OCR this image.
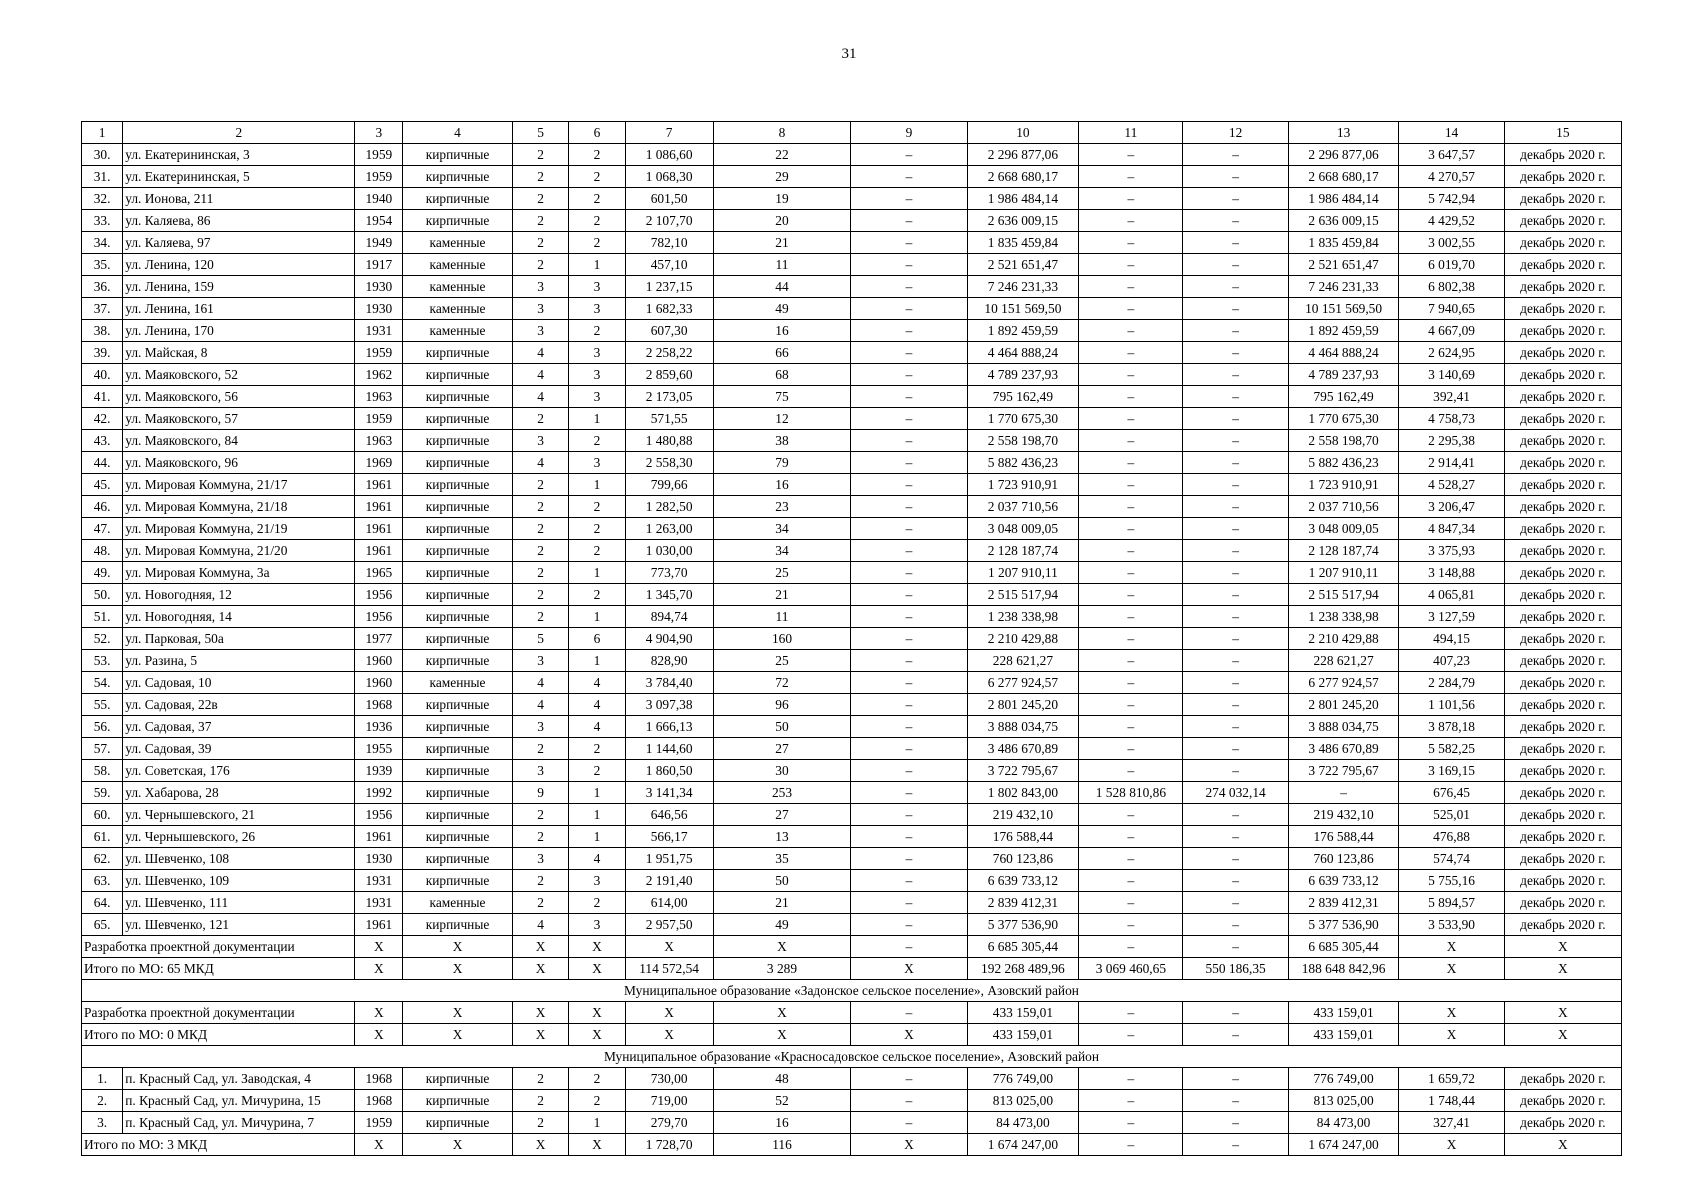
31
1	2	3	4	5	6	7	8	9	10	11	12	13	14	15
30.	ул. Екатерининская, 3	1959	кирпичные	2	2	1 086,60	22	–	2 296 877,06	–	–	2 296 877,06	3 647,57	декабрь 2020 г.
31.	ул. Екатерининская, 5	1959	кирпичные	2	2	1 068,30	29	–	2 668 680,17	–	–	2 668 680,17	4 270,57	декабрь 2020 г.
32.	ул. Ионова, 211	1940	кирпичные	2	2	601,50	19	–	1 986 484,14	–	–	1 986 484,14	5 742,94	декабрь 2020 г.
33.	ул. Каляева, 86	1954	кирпичные	2	2	2 107,70	20	–	2 636 009,15	–	–	2 636 009,15	4 429,52	декабрь 2020 г.
34.	ул. Каляева, 97	1949	каменные	2	2	782,10	21	–	1 835 459,84	–	–	1 835 459,84	3 002,55	декабрь 2020 г.
35.	ул. Ленина, 120	1917	каменные	2	1	457,10	11	–	2 521 651,47	–	–	2 521 651,47	6 019,70	декабрь 2020 г.
36.	ул. Ленина, 159	1930	каменные	3	3	1 237,15	44	–	7 246 231,33	–	–	7 246 231,33	6 802,38	декабрь 2020 г.
37.	ул. Ленина, 161	1930	каменные	3	3	1 682,33	49	–	10 151 569,50	–	–	10 151 569,50	7 940,65	декабрь 2020 г.
38.	ул. Ленина, 170	1931	каменные	3	2	607,30	16	–	1 892 459,59	–	–	1 892 459,59	4 667,09	декабрь 2020 г.
39.	ул. Майская, 8	1959	кирпичные	4	3	2 258,22	66	–	4 464 888,24	–	–	4 464 888,24	2 624,95	декабрь 2020 г.
40.	ул. Маяковского, 52	1962	кирпичные	4	3	2 859,60	68	–	4 789 237,93	–	–	4 789 237,93	3 140,69	декабрь 2020 г.
41.	ул. Маяковского, 56	1963	кирпичные	4	3	2 173,05	75	–	795 162,49	–	–	795 162,49	392,41	декабрь 2020 г.
42.	ул. Маяковского, 57	1959	кирпичные	2	1	571,55	12	–	1 770 675,30	–	–	1 770 675,30	4 758,73	декабрь 2020 г.
43.	ул. Маяковского, 84	1963	кирпичные	3	2	1 480,88	38	–	2 558 198,70	–	–	2 558 198,70	2 295,38	декабрь 2020 г.
44.	ул. Маяковского, 96	1969	кирпичные	4	3	2 558,30	79	–	5 882 436,23	–	–	5 882 436,23	2 914,41	декабрь 2020 г.
45.	ул. Мировая Коммуна, 21/17	1961	кирпичные	2	1	799,66	16	–	1 723 910,91	–	–	1 723 910,91	4 528,27	декабрь 2020 г.
46.	ул. Мировая Коммуна, 21/18	1961	кирпичные	2	2	1 282,50	23	–	2 037 710,56	–	–	2 037 710,56	3 206,47	декабрь 2020 г.
47.	ул. Мировая Коммуна, 21/19	1961	кирпичные	2	2	1 263,00	34	–	3 048 009,05	–	–	3 048 009,05	4 847,34	декабрь 2020 г.
48.	ул. Мировая Коммуна, 21/20	1961	кирпичные	2	2	1 030,00	34	–	2 128 187,74	–	–	2 128 187,74	3 375,93	декабрь 2020 г.
49.	ул. Мировая Коммуна, 3а	1965	кирпичные	2	1	773,70	25	–	1 207 910,11	–	–	1 207 910,11	3 148,88	декабрь 2020 г.
50.	ул. Новогодняя, 12	1956	кирпичные	2	2	1 345,70	21	–	2 515 517,94	–	–	2 515 517,94	4 065,81	декабрь 2020 г.
51.	ул. Новогодняя, 14	1956	кирпичные	2	1	894,74	11	–	1 238 338,98	–	–	1 238 338,98	3 127,59	декабрь 2020 г.
52.	ул. Парковая, 50а	1977	кирпичные	5	6	4 904,90	160	–	2 210 429,88	–	–	2 210 429,88	494,15	декабрь 2020 г.
53.	ул. Разина, 5	1960	кирпичные	3	1	828,90	25	–	228 621,27	–	–	228 621,27	407,23	декабрь 2020 г.
54.	ул. Садовая, 10	1960	каменные	4	4	3 784,40	72	–	6 277 924,57	–	–	6 277 924,57	2 284,79	декабрь 2020 г.
55.	ул. Садовая, 22в	1968	кирпичные	4	4	3 097,38	96	–	2 801 245,20	–	–	2 801 245,20	1 101,56	декабрь 2020 г.
56.	ул. Садовая, 37	1936	кирпичные	3	4	1 666,13	50	–	3 888 034,75	–	–	3 888 034,75	3 878,18	декабрь 2020 г.
57.	ул. Садовая, 39	1955	кирпичные	2	2	1 144,60	27	–	3 486 670,89	–	–	3 486 670,89	5 582,25	декабрь 2020 г.
58.	ул. Советская, 176	1939	кирпичные	3	2	1 860,50	30	–	3 722 795,67	–	–	3 722 795,67	3 169,15	декабрь 2020 г.
59.	ул. Хабарова, 28	1992	кирпичные	9	1	3 141,34	253	–	1 802 843,00	1 528 810,86	274 032,14	–	676,45	декабрь 2020 г.
60.	ул. Чернышевского, 21	1956	кирпичные	2	1	646,56	27	–	219 432,10	–	–	219 432,10	525,01	декабрь 2020 г.
61.	ул. Чернышевского, 26	1961	кирпичные	2	1	566,17	13	–	176 588,44	–	–	176 588,44	476,88	декабрь 2020 г.
62.	ул. Шевченко, 108	1930	кирпичные	3	4	1 951,75	35	–	760 123,86	–	–	760 123,86	574,74	декабрь 2020 г.
63.	ул. Шевченко, 109	1931	кирпичные	2	3	2 191,40	50	–	6 639 733,12	–	–	6 639 733,12	5 755,16	декабрь 2020 г.
64.	ул. Шевченко, 111	1931	каменные	2	2	614,00	21	–	2 839 412,31	–	–	2 839 412,31	5 894,57	декабрь 2020 г.
65.	ул. Шевченко, 121	1961	кирпичные	4	3	2 957,50	49	–	5 377 536,90	–	–	5 377 536,90	3 533,90	декабрь 2020 г.
Разработка проектной документации		X	X	X	X	X	X	–	6 685 305,44	–	–	6 685 305,44	X	X
Итого по МО: 65 МКД		X	X	X	X	114 572,54	3 289	X	192 268 489,96	3 069 460,65	550 186,35	188 648 842,96	X	X
Муниципальное образование «Задонское сельское поселение», Азовский район														
Разработка проектной документации		X	X	X	X	X	X	–	433 159,01	–	–	433 159,01	X	X
Итого по МО: 0 МКД		X	X	X	X	X	X	X	433 159,01	–	–	433 159,01	X	X
Муниципальное образование «Красносадовское сельское поселение», Азовский район														
1.	п. Красный Сад, ул. Заводская, 4	1968	кирпичные	2	2	730,00	48	–	776 749,00	–	–	776 749,00	1 659,72	декабрь 2020 г.
2.	п. Красный Сад, ул. Мичурина, 15	1968	кирпичные	2	2	719,00	52	–	813 025,00	–	–	813 025,00	1 748,44	декабрь 2020 г.
3.	п. Красный Сад, ул. Мичурина, 7	1959	кирпичные	2	1	279,70	16	–	84 473,00	–	–	84 473,00	327,41	декабрь 2020 г.
Итого по МО: 3 МКД		X	X	X	X	1 728,70	116	X	1 674 247,00	–	–	1 674 247,00	X	X
